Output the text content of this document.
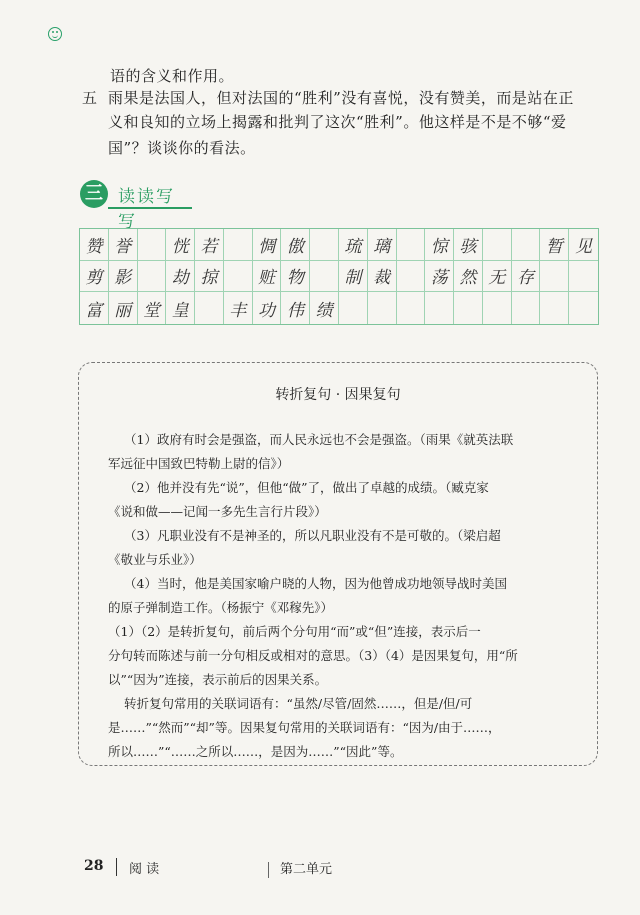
语的含义和作用。
五 雨果是法国人，但对法国的“胜利”没有喜悦，没有赞美，而是站在正
义和良知的立场上揭露和批判了这次“胜利”。他这样是不是不够“爱
国”？谈谈你的看法。
三 读读写写
赞 誉	恍 若	惆 傲	琉 璃	惊 骇	暂 见
剪 影	劫 掠	赃 物	制 裁	荡 然 无 存
富 丽 堂 皇	丰 功 伟 绩
转折复句 · 因果复句
（1）政府有时会是强盗，而人民永远也不会是强盗。（雨果《就英法联
军远征中国致巴特勒上尉的信》）
（2）他并没有先“说”，但他“做”了，做出了卓越的成绩。（臧克家
《说和做——记闻一多先生言行片段》）
（3）凡职业没有不是神圣的，所以凡职业没有不是可敬的。（梁启超
《敬业与乐业》）
（4）当时，他是美国家喻户晓的人物，因为他曾成功地领导战时美国
的原子弹制造工作。（杨振宁《邓稼先》）
（1）（2）是转折复句，前后两个分句用“而”或“但”连接，表示后一
分句转而陈述与前一分句相反或相对的意思。（3）（4）是因果复句，用“所
以”“因为”连接，表示前后的因果关系。
转折复句常用的关联词语有：“虽然/尽管/固然……，但是/但/可
是……”“然而”“却”等。因果复句常用的关联词语有：“因为/由于……，
所以……”“……之所以……，是因为……”“因此”等。
28 阅 读	第二单元
